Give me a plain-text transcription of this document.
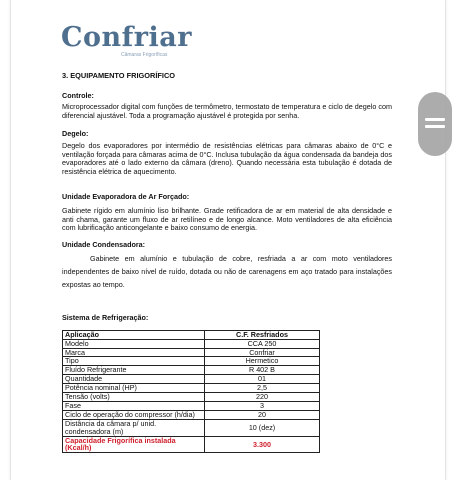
Confriar
Câmaras Frigoríficas
3. EQUIPAMENTO FRIGORÍFICO
Controle:
Microprocessador digital com funções de termômetro, termostato de temperatura e ciclo de degelo com diferencial ajustável. Toda a programação ajustável é protegida por senha.
Degelo:
Degelo dos evaporadores por intermédio de resistências elétricas para câmaras abaixo de 0°C e ventilação forçada para câmaras acima de 0°C. Inclusa tubulação da água condensada da bandeja dos evaporadores até o lado externo da câmara (dreno). Quando necessária esta tubulação é dotada de resistência elétrica de aquecimento.
Unidade Evaporadora de Ar Forçado:
Gabinete rígido em alumínio liso brilhante. Grade retificadora de ar em material de alta densidade e anti chama, garante um fluxo de ar retilíneo e de longo alcance. Moto ventiladores de alta eficiência com lubrificação anticongelante e baixo consumo de energia.
Unidade Condensadora:
Gabinete em alumínio e tubulação de cobre, resfriada a ar com moto ventiladores independentes de baixo nível de ruído, dotada ou não de carenagens em aço tratado para instalações expostas ao tempo.
Sistema de Refrigeração:
Aplicação	C.F. Resfriados
Modelo	CCA 250
Marca	Confriar
Tipo	Hermetico
Fluído Refrigerante	R 402 B
Quantidade	01
Potência nominal (HP)	2,5
Tensão (volts)	220
Fase	3
Ciclo de operação do compressor (h/dia)	20
Distância da câmara p/ unid. condensadora (m)	10 (dez)
Capacidade Frigorífica instalada (Kcal/h)	3.300
